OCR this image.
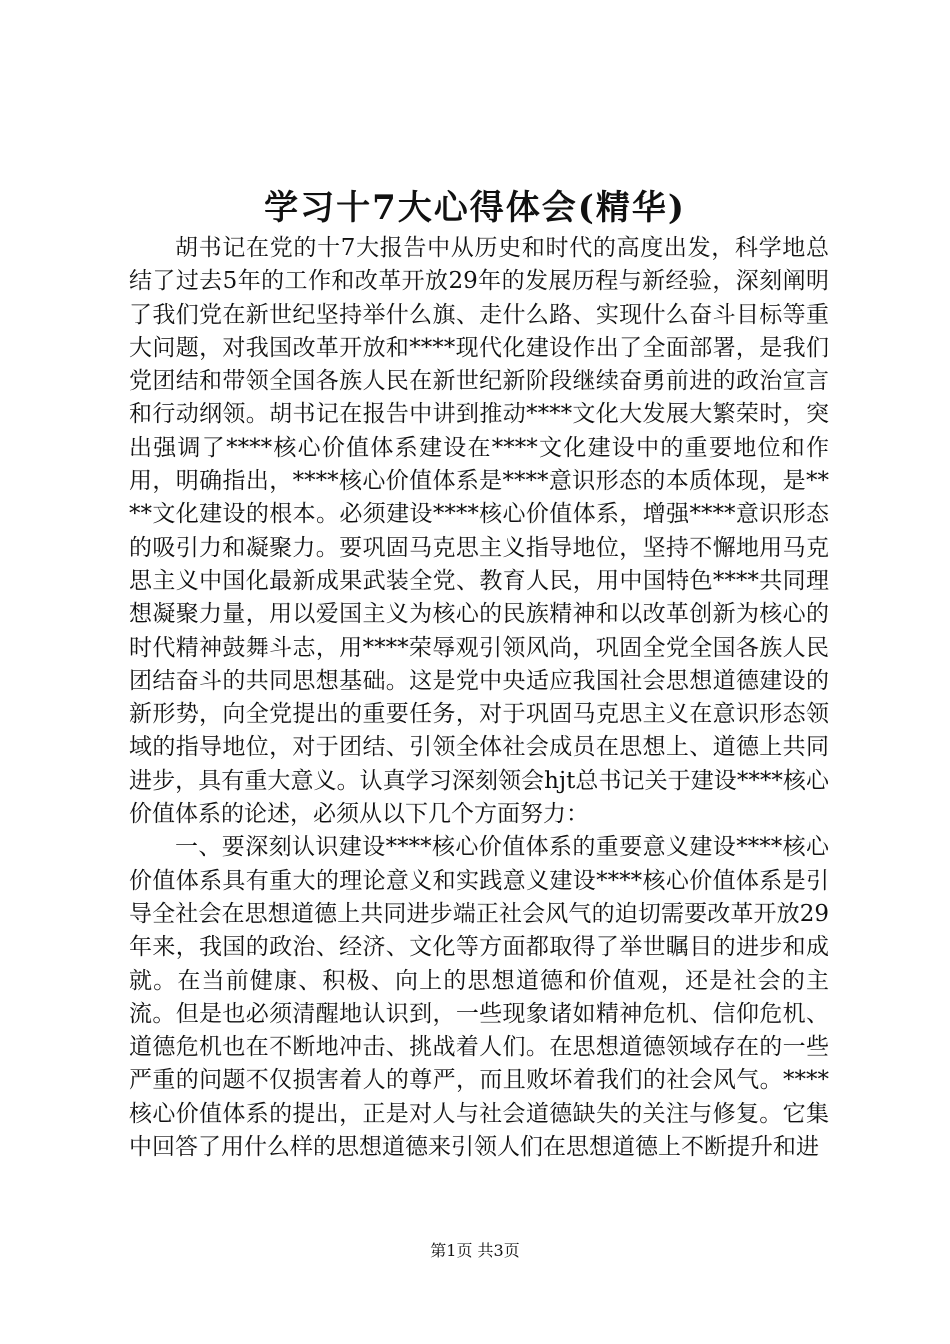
学习十7大心得体会(精华)

胡书记在党的十7大报告中从历史和时代的高度出发，科学地总结了过去5年的工作和改革开放29年的发展历程与新经验，深刻阐明了我们党在新世纪坚持举什么旗、走什么路、实现什么奋斗目标等重大问题，对我国改革开放和****现代化建设作出了全面部署，是我们党团结和带领全国各族人民在新世纪新阶段继续奋勇前进的政治宣言和行动纲领。胡书记在报告中讲到推动****文化大发展大繁荣时，突出强调了****核心价值体系建设在****文化建设中的重要地位和作用，明确指出，****核心价值体系是****意识形态的本质体现，是****文化建设的根本。必须建设****核心价值体系，增强****意识形态的吸引力和凝聚力。要巩固马克思主义指导地位，坚持不懈地用马克思主义中国化最新成果武装全党、教育人民，用中国特色****共同理想凝聚力量，用以爱国主义为核心的民族精神和以改革创新为核心的时代精神鼓舞斗志，用****荣辱观引领风尚，巩固全党全国各族人民团结奋斗的共同思想基础。这是党中央适应我国社会思想道德建设的新形势，向全党提出的重要任务，对于巩固马克思主义在意识形态领域的指导地位，对于团结、引领全体社会成员在思想上、道德上共同进步，具有重大意义。认真学习深刻领会hjt总书记关于建设****核心价值体系的论述，必须从以下几个方面努力：

一、要深刻认识建设****核心价值体系的重要意义建设****核心价值体系具有重大的理论意义和实践意义建设****核心价值体系是引导全社会在思想道德上共同进步端正社会风气的迫切需要改革开放29年来，我国的政治、经济、文化等方面都取得了举世瞩目的进步和成就。在当前健康、积极、向上的思想道德和价值观，还是社会的主流。但是也必须清醒地认识到，一些现象诸如精神危机、信仰危机、道德危机也在不断地冲击、挑战着人们。在思想道德领域存在的一些严重的问题不仅损害着人的尊严，而且败坏着我们的社会风气。****核心价值体系的提出，正是对人与社会道德缺失的关注与修复。它集中回答了用什么样的思想道德来引领人们在思想道德上不断提升和进

第1页 共3页
